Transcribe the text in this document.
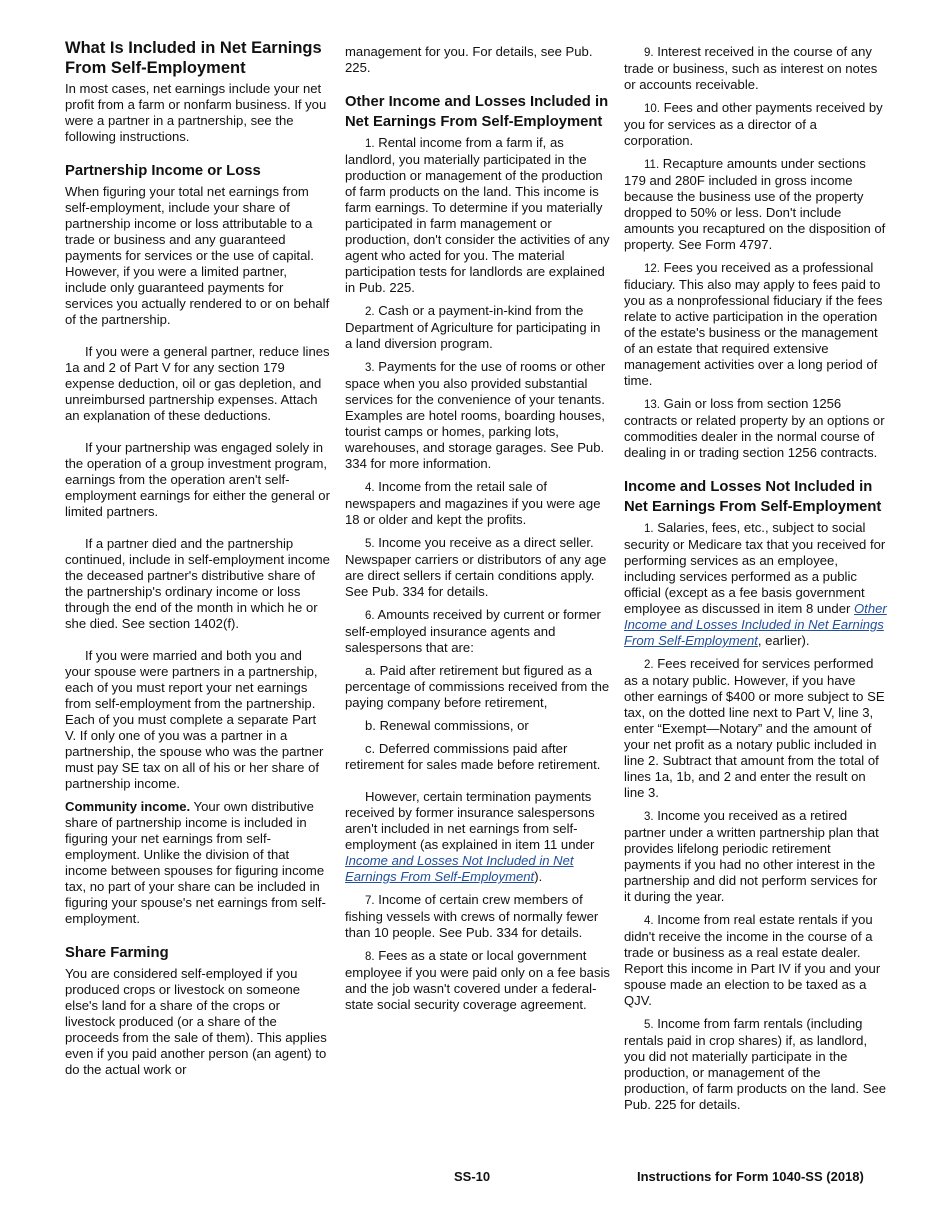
What Is Included in Net Earnings From Self-Employment

In most cases, net earnings include your net profit from a farm or nonfarm business. If you were a partner in a partnership, see the following instructions.

Partnership Income or Loss

When figuring your total net earnings from self-employment, include your share of partnership income or loss attributable to a trade or business and any guaranteed payments for services or the use of capital. However, if you were a limited partner, include only guaranteed payments for services you actually rendered to or on behalf of the partnership.

If you were a general partner, reduce lines 1a and 2 of Part V for any section 179 expense deduction, oil or gas depletion, and unreimbursed partnership expenses. Attach an explanation of these deductions.

If your partnership was engaged solely in the operation of a group investment program, earnings from the operation aren't self-employment earnings for either the general or limited partners.

If a partner died and the partnership continued, include in self-employment income the deceased partner's distributive share of the partnership's ordinary income or loss through the end of the month in which he or she died. See section 1402(f).

If you were married and both you and your spouse were partners in a partnership, each of you must report your net earnings from self-employment from the partnership. Each of you must complete a separate Part V. If only one of you was a partner in a partnership, the spouse who was the partner must pay SE tax on all of his or her share of partnership income.

Community income. Your own distributive share of partnership income is included in figuring your net earnings from self-employment. Unlike the division of that income between spouses for figuring income tax, no part of your share can be included in figuring your spouse's net earnings from self-employment.

Share Farming

You are considered self-employed if you produced crops or livestock on someone else's land for a share of the crops or livestock produced (or a share of the proceeds from the sale of them). This applies even if you paid another person (an agent) to do the actual work or

management for you. For details, see Pub. 225.

Other Income and Losses Included in Net Earnings From Self-Employment

1. Rental income from a farm if, as landlord, you materially participated in the production or management of the production of farm products on the land. This income is farm earnings. To determine if you materially participated in farm management or production, don't consider the activities of any agent who acted for you. The material participation tests for landlords are explained in Pub. 225.

2. Cash or a payment-in-kind from the Department of Agriculture for participating in a land diversion program.

3. Payments for the use of rooms or other space when you also provided substantial services for the convenience of your tenants. Examples are hotel rooms, boarding houses, tourist camps or homes, parking lots, warehouses, and storage garages. See Pub. 334 for more information.

4. Income from the retail sale of newspapers and magazines if you were age 18 or older and kept the profits.

5. Income you receive as a direct seller. Newspaper carriers or distributors of any age are direct sellers if certain conditions apply. See Pub. 334 for details.

6. Amounts received by current or former self-employed insurance agents and salespersons that are:

a. Paid after retirement but figured as a percentage of commissions received from the paying company before retirement,

b. Renewal commissions, or

c. Deferred commissions paid after retirement for sales made before retirement.

However, certain termination payments received by former insurance salespersons aren't included in net earnings from self-employment (as explained in item 11 under Income and Losses Not Included in Net Earnings From Self-Employment).

7. Income of certain crew members of fishing vessels with crews of normally fewer than 10 people. See Pub. 334 for details.

8. Fees as a state or local government employee if you were paid only on a fee basis and the job wasn't covered under a federal-state social security coverage agreement.

9. Interest received in the course of any trade or business, such as interest on notes or accounts receivable.

10. Fees and other payments received by you for services as a director of a corporation.

11. Recapture amounts under sections 179 and 280F included in gross income because the business use of the property dropped to 50% or less. Don't include amounts you recaptured on the disposition of property. See Form 4797.

12. Fees you received as a professional fiduciary. This also may apply to fees paid to you as a nonprofessional fiduciary if the fees relate to active participation in the operation of the estate's business or the management of an estate that required extensive management activities over a long period of time.

13. Gain or loss from section 1256 contracts or related property by an options or commodities dealer in the normal course of dealing in or trading section 1256 contracts.

Income and Losses Not Included in Net Earnings From Self-Employment

1. Salaries, fees, etc., subject to social security or Medicare tax that you received for performing services as an employee, including services performed as a public official (except as a fee basis government employee as discussed in item 8 under Other Income and Losses Included in Net Earnings From Self-Employment, earlier).

2. Fees received for services performed as a notary public. However, if you have other earnings of $400 or more subject to SE tax, on the dotted line next to Part V, line 3, enter “Exempt—Notary” and the amount of your net profit as a notary public included in line 2. Subtract that amount from the total of lines 1a, 1b, and 2 and enter the result on line 3.

3. Income you received as a retired partner under a written partnership plan that provides lifelong periodic retirement payments if you had no other interest in the partnership and did not perform services for it during the year.

4. Income from real estate rentals if you didn't receive the income in the course of a trade or business as a real estate dealer. Report this income in Part IV if you and your spouse made an election to be taxed as a QJV.

5. Income from farm rentals (including rentals paid in crop shares) if, as landlord, you did not materially participate in the production, or management of the production, of farm products on the land. See Pub. 225 for details.

SS-10	Instructions for Form 1040-SS (2018)
